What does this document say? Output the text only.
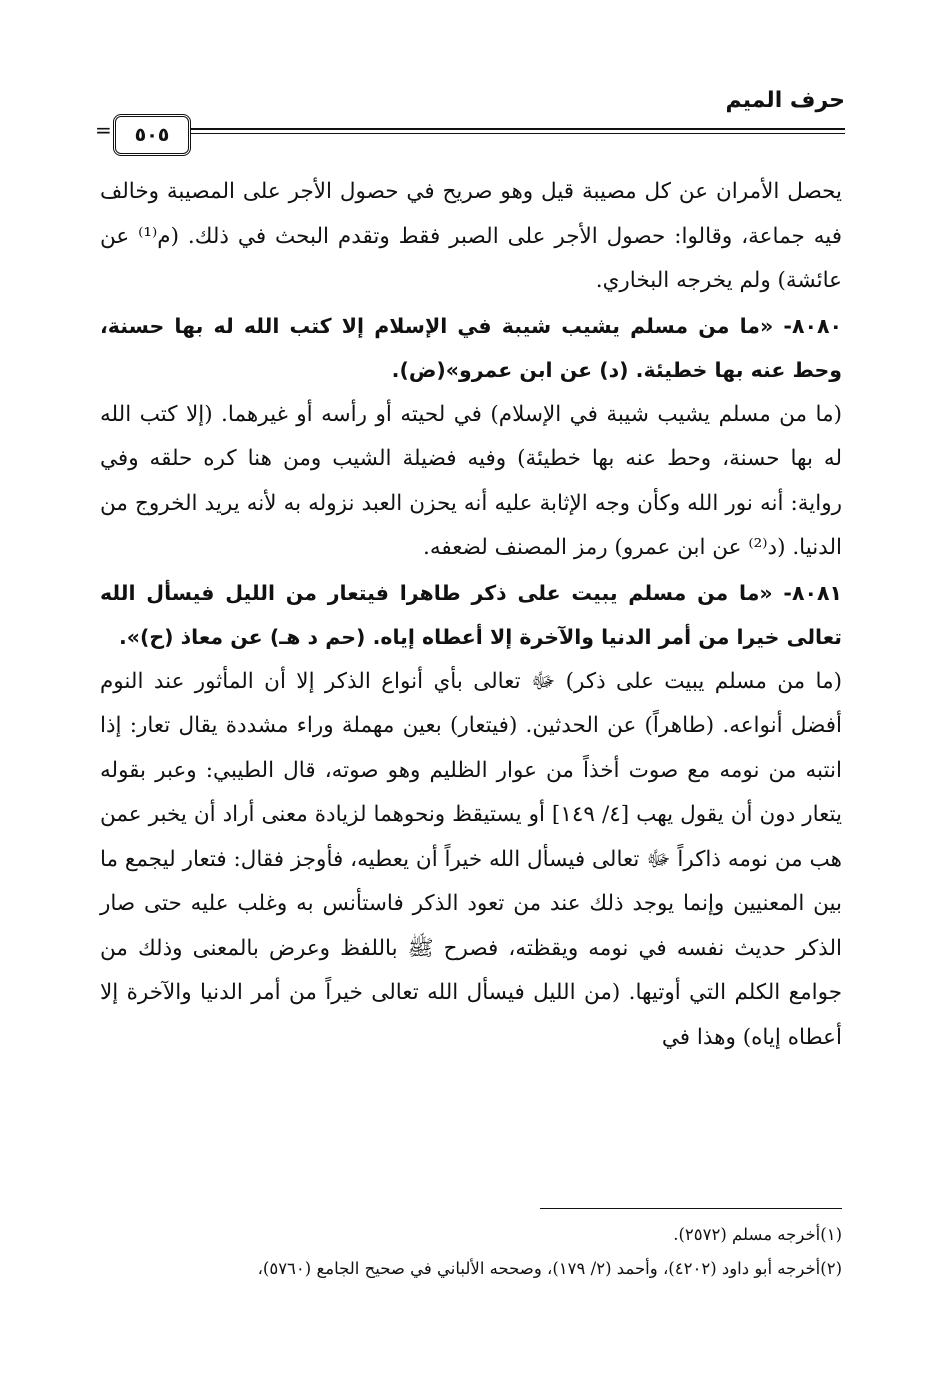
حرف الميم
= ٥٠٥

يحصل الأمران عن كل مصيبة قيل وهو صريح في حصول الأجر على المصيبة وخالف فيه جماعة، وقالوا: حصول الأجر على الصبر فقط وتقدم البحث في ذلك. (م⁽¹⁾ عن عائشة) ولم يخرجه البخاري.

٨٠٨٠- «ما من مسلم يشيب شيبة في الإسلام إلا كتب الله له بها حسنة، وحط عنه بها خطيئة. (د) عن ابن عمرو»(ض).

(ما من مسلم يشيب شيبة في الإسلام) في لحيته أو رأسه أو غيرهما. (إلا كتب الله له بها حسنة، وحط عنه بها خطيئة) وفيه فضيلة الشيب ومن هنا كره حلقه وفي رواية: أنه نور الله وكأن وجه الإثابة عليه أنه يحزن العبد نزوله به لأنه يريد الخروج من الدنيا. (د⁽²⁾ عن ابن عمرو) رمز المصنف لضعفه.

٨٠٨١- «ما من مسلم يبيت على ذكر طاهرا فيتعار من الليل فيسأل الله تعالى خيرا من أمر الدنيا والآخرة إلا أعطاه إياه. (حم د هـ) عن معاذ (ح)».

(ما من مسلم يبيت على ذكر) ﷻ تعالى بأي أنواع الذكر إلا أن المأثور عند النوم أفضل أنواعه. (طاهراً) عن الحدثين. (فيتعار) بعين مهملة وراء مشددة يقال تعار: إذا انتبه من نومه مع صوت أخذاً من عوار الظليم وهو صوته، قال الطيبي: وعبر بقوله يتعار دون أن يقول يهب [٤/ ١٤٩] أو يستيقظ ونحوهما لزيادة معنى أراد أن يخبر عمن هب من نومه ذاكراً ﷻ تعالى فيسأل الله خيراً أن يعطيه، فأوجز فقال: فتعار ليجمع ما بين المعنيين وإنما يوجد ذلك عند من تعود الذكر فاستأنس به وغلب عليه حتى صار الذكر حديث نفسه في نومه ويقظته، فصرح ﷺ باللفظ وعرض بالمعنى وذلك من جوامع الكلم التي أوتيها. (من الليل فيسأل الله تعالى خيراً من أمر الدنيا والآخرة إلا أعطاه إياه) وهذا في

(١)أخرجه مسلم (٢٥٧٢).

(٢)أخرجه أبو داود (٤٢٠٢)، وأحمد (٢/ ١٧٩)، وصححه الألباني في صحيح الجامع (٥٧٦٠)،
